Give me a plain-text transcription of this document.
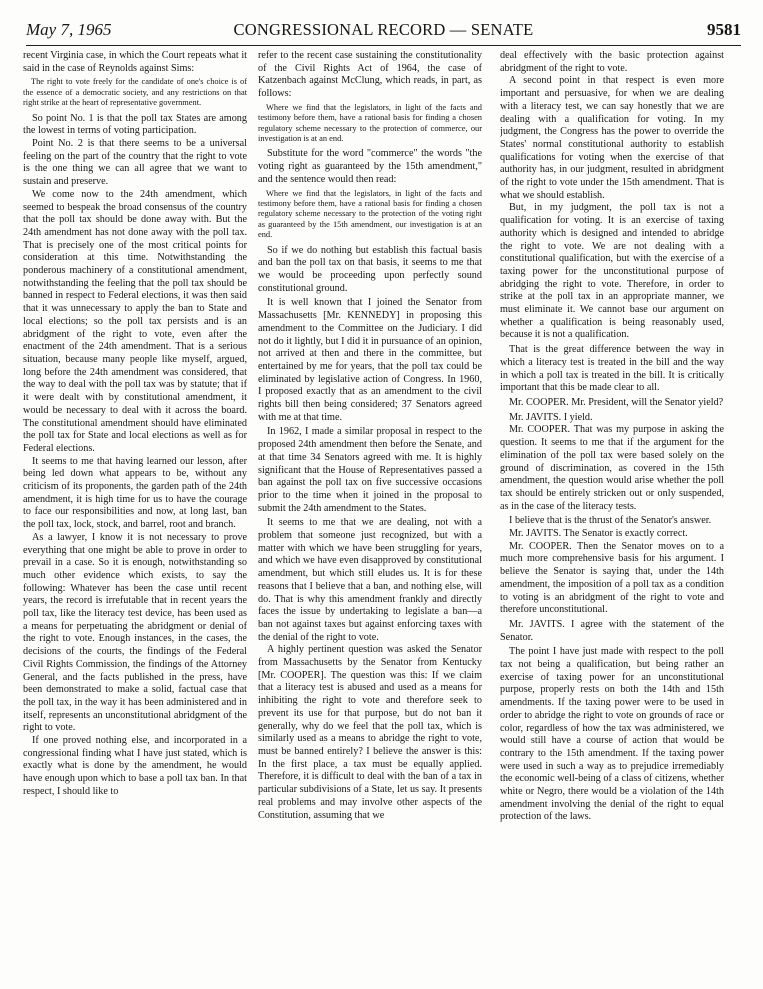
May 7, 1965	CONGRESSIONAL RECORD — SENATE	9581

recent Virginia case, in which the Court repeats what it said in the case of Reynolds against Sims:

The right to vote freely for the candidate of one's choice is of the essence of a democratic society, and any restrictions on that right strike at the heart of representative government.

So point No. 1 is that the poll tax States are among the lowest in terms of voting participation.

Point No. 2 is that there seems to be a universal feeling on the part of the country that the right to vote is the one thing we can all agree that we want to sustain and preserve.

We come now to the 24th amendment, which seemed to bespeak the broad consensus of the country that the poll tax should be done away with. But the 24th amendment has not done away with the poll tax. That is precisely one of the most critical points for consideration at this time. Notwithstanding the ponderous machinery of a constitutional amendment, notwithstanding the feeling that the poll tax should be banned in respect to Federal elections, it was then said that it was unnecessary to apply the ban to State and local elections; so the poll tax persists and is an abridgment of the right to vote, even after the enactment of the 24th amendment. That is a serious situation, because many people like myself, argued, long before the 24th amendment was considered, that the way to deal with the poll tax was by statute; that if it were dealt with by constitutional amendment, it would be necessary to deal with it across the board. The constitutional amendment should have eliminated the poll tax for State and local elections as well as for Federal elections.

It seems to me that having learned our lesson, after being led down what appears to be, without any criticism of its proponents, the garden path of the 24th amendment, it is high time for us to have the courage to face our responsibilities and now, at long last, ban the poll tax, lock, stock, and barrel, root and branch.

As a lawyer, I know it is not necessary to prove everything that one might be able to prove in order to prevail in a case. So it is enough, notwithstanding so much other evidence which exists, to say the following: Whatever has been the case until recent years, the record is irrefutable that in recent years the poll tax, like the literacy test device, has been used as a means for perpetuating the abridgment or denial of the right to vote. Enough instances, in the cases, the decisions of the courts, the findings of the Federal Civil Rights Commission, the findings of the Attorney General, and the facts published in the press, have been demonstrated to make a solid, factual case that the poll tax, in the way it has been administered and in itself, represents an unconstitutional abridgment of the right to vote.

If one proved nothing else, and incorporated in a congressional finding what I have just stated, which is exactly what is done by the amendment, he would have enough upon which to base a poll tax ban. In that respect, I should like to

refer to the recent case sustaining the constitutionality of the Civil Rights Act of 1964, the case of Katzenbach against McClung, which reads, in part, as follows:

Where we find that the legislators, in light of the facts and testimony before them, have a rational basis for finding a chosen regulatory scheme necessary to the protection of commerce, our investigation is at an end.

Substitute for the word "commerce" the words "the voting right as guaranteed by the 15th amendment," and the sentence would then read:

Where we find that the legislators, in light of the facts and testimony before them, have a rational basis for finding a chosen regulatory scheme necessary to the protection of the voting right as guaranteed by the 15th amendment, our investigation is at an end.

So if we do nothing but establish this factual basis and ban the poll tax on that basis, it seems to me that we would be proceeding upon perfectly sound constitutional ground.

It is well known that I joined the Senator from Massachusetts [Mr. KENNEDY] in proposing this amendment to the Committee on the Judiciary. I did not do it lightly, but I did it in pursuance of an opinion, not arrived at then and there in the committee, but entertained by me for years, that the poll tax could be eliminated by legislative action of Congress. In 1960, I proposed exactly that as an amendment to the civil rights bill then being considered; 37 Senators agreed with me at that time.

In 1962, I made a similar proposal in respect to the proposed 24th amendment then before the Senate, and at that time 34 Senators agreed with me. It is highly significant that the House of Representatives passed a ban against the poll tax on five successive occasions prior to the time when it joined in the proposal to submit the 24th amendment to the States.

It seems to me that we are dealing, not with a problem that someone just recognized, but with a matter with which we have been struggling for years, and which we have even disapproved by constitutional amendment, but which still eludes us. It is for these reasons that I believe that a ban, and nothing else, will do. That is why this amendment frankly and directly faces the issue by undertaking to legislate a ban—a ban not against taxes but against enforcing taxes with the denial of the right to vote.

A highly pertinent question was asked the Senator from Massachusetts by the Senator from Kentucky [Mr. COOPER]. The question was this: If we claim that a literacy test is abused and used as a means for inhibiting the right to vote and therefore seek to prevent its use for that purpose, but do not ban it generally, why do we feel that the poll tax, which is similarly used as a means to abridge the right to vote, must be banned entirely? I believe the answer is this: In the first place, a tax must be equally applied. Therefore, it is difficult to deal with the ban of a tax in particular subdivisions of a State, let us say. It presents real problems and may involve other aspects of the Constitution, assuming that we

deal effectively with the basic protection against abridgment of the right to vote.

A second point in that respect is even more important and persuasive, for when we are dealing with a literacy test, we can say honestly that we are dealing with a qualification for voting. In my judgment, the Congress has the power to override the States' normal constitutional authority to establish qualifications for voting when the exercise of that authority has, in our judgment, resulted in abridgment of the right to vote under the 15th amendment. That is what we should establish.

But, in my judgment, the poll tax is not a qualification for voting. It is an exercise of taxing authority which is designed and intended to abridge the right to vote. We are not dealing with a constitutional qualification, but with the exercise of a taxing power for the unconstitutional purpose of abridging the right to vote. Therefore, in order to strike at the poll tax in an appropriate manner, we must eliminate it. We cannot base our argument on whether a qualification is being reasonably used, because it is not a qualification.

That is the great difference between the way in which a literacy test is treated in the bill and the way in which a poll tax is treated in the bill. It is critically important that this be made clear to all.

Mr. COOPER. Mr. President, will the Senator yield?

Mr. JAVITS. I yield.

Mr. COOPER. That was my purpose in asking the question. It seems to me that if the argument for the elimination of the poll tax were based solely on the ground of discrimination, as covered in the 15th amendment, the question would arise whether the poll tax should be entirely stricken out or only suspended, as in the case of the literacy tests.

I believe that is the thrust of the Senator's answer.

Mr. JAVITS. The Senator is exactly correct.

Mr. COOPER. Then the Senator moves on to a much more comprehensive basis for his argument. I believe the Senator is saying that, under the 14th amendment, the imposition of a poll tax as a condition to voting is an abridgment of the right to vote and therefore unconstitutional.

Mr. JAVITS. I agree with the statement of the Senator.

The point I have just made with respect to the poll tax not being a qualification, but being rather an exercise of taxing power for an unconstitutional purpose, properly rests on both the 14th and 15th amendments. If the taxing power were to be used in order to abridge the right to vote on grounds of race or color, regardless of how the tax was administered, we would still have a course of action that would be contrary to the 15th amendment. If the taxing power were used in such a way as to prejudice irremediably the economic well-being of a class of citizens, whether white or Negro, there would be a violation of the 14th amendment involving the denial of the right to equal protection of the laws.
